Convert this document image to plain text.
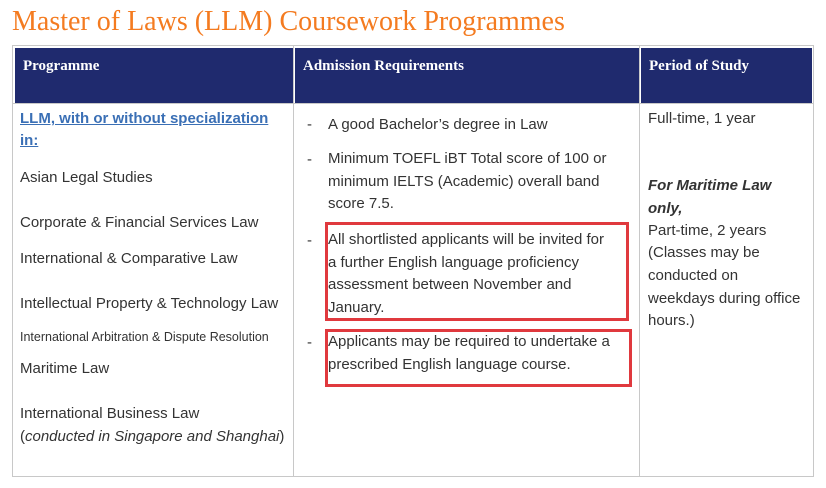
Master of Laws (LLM) Coursework Programmes
Programme	Admission Requirements	Period of Study
LLM, with or without specialization
in:
Asian Legal Studies
Corporate & Financial Services Law
International & Comparative Law
Intellectual Property & Technology Law
International Arbitration & Dispute Resolution
Maritime Law
International Business Law
(conducted in Singapore and Shanghai)
- A good Bachelor’s degree in Law
- Minimum TOEFL iBT Total score of 100 or
minimum IELTS (Academic) overall band
score 7.5.
- All shortlisted applicants will be invited for
a further English language proficiency
assessment between November and
January.
- Applicants may be required to undertake a
prescribed English language course.
Full-time, 1 year
For Maritime Law
only,
Part-time, 2 years
(Classes may be
conducted on
weekdays during office
hours.)
